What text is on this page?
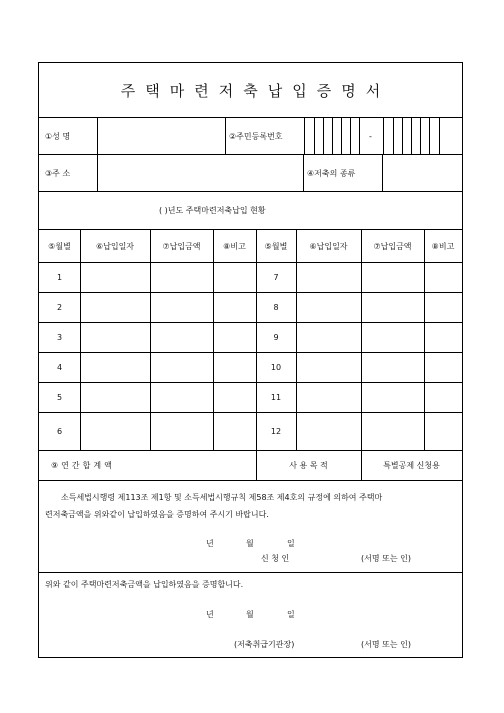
주택마련저축납입증명서
①성 명	②주민등록번호	-
③주 소	④저축의 종류
( )년도 주택마련저축납입 현황
⑤월별	⑥납입일자	⑦납입금액	⑧비고	⑤월별	⑥납입일자	⑦납입금액	⑧비고
1	7
2	8
3	9
4	10
5	11
6	12
⑨연간합계액	사 용 목 적	특별공제 신청용
소득세법시행령 제113조 제1항 및 소득세법시행규칙 제58조 제4호의 규정에 의하여 주택마
련저축금액을 위와같이 납입하였음을 증명하여 주시기 바랍니다.
년	월	일
신 청 인	(서명 또는 인)
위와 같이 주택마련저축금액을 납입하였음을 증명합니다.
년	월	일
(저축취급기관장)	(서명 또는 인)
